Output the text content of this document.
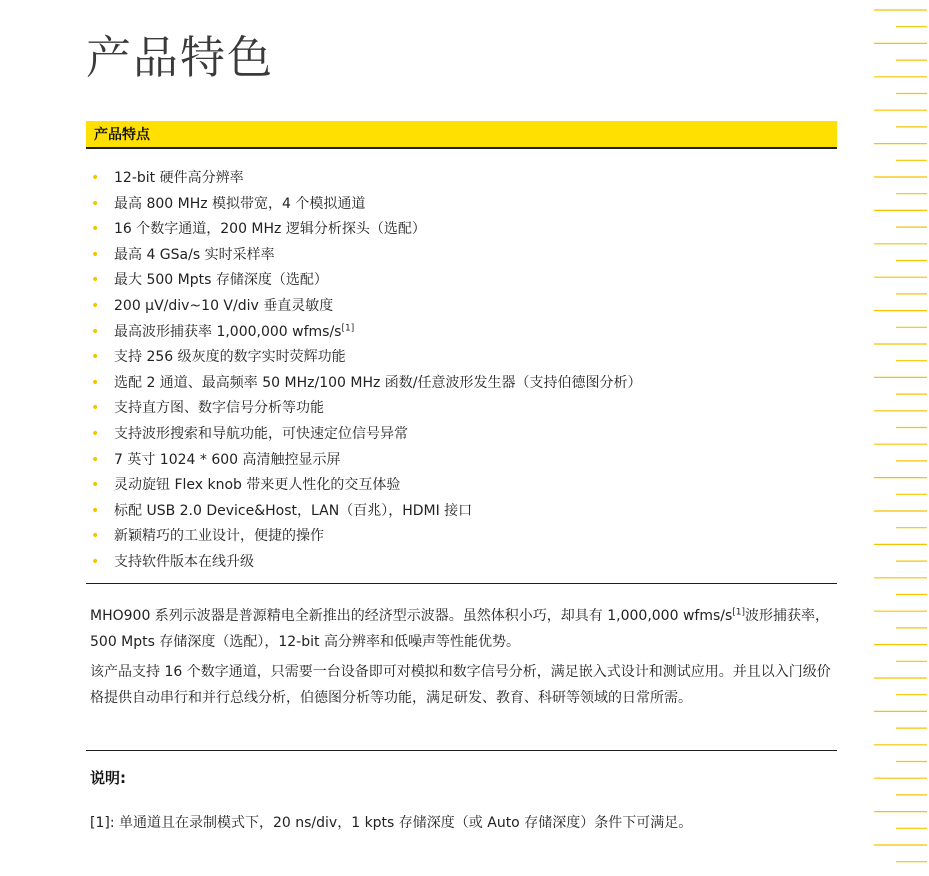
产品特色
产品特点
• 12-bit 硬件高分辨率
• 最高 800 MHz 模拟带宽，4 个模拟通道
• 16 个数字通道，200 MHz 逻辑分析探头（选配）
• 最高 4 GSa/s 实时采样率
• 最大 500 Mpts 存储深度（选配）
• 200 μV/div~10 V/div 垂直灵敏度
• 最高波形捕获率 1,000,000 wfms/s[1]
• 支持 256 级灰度的数字实时荧辉功能
• 选配 2 通道、最高频率 50 MHz/100 MHz 函数/任意波形发生器（支持伯德图分析）
• 支持直方图、数字信号分析等功能
• 支持波形搜索和导航功能，可快速定位信号异常
• 7 英寸 1024 * 600 高清触控显示屏
• 灵动旋钮 Flex knob 带来更人性化的交互体验
• 标配 USB 2.0 Device&Host，LAN（百兆），HDMI 接口
• 新颖精巧的工业设计，便捷的操作
• 支持软件版本在线升级

MHO900 系列示波器是普源精电全新推出的经济型示波器。虽然体积小巧，却具有 1,000,000 wfms/s[1]波形捕获率，500 Mpts 存储深度（选配），12-bit 高分辨率和低噪声等性能优势。

该产品支持 16 个数字通道，只需要一台设备即可对模拟和数字信号分析，满足嵌入式设计和测试应用。并且以入门级价格提供自动串行和并行总线分析，伯德图分析等功能，满足研发、教育、科研等领域的日常所需。

说明:

[1]: 单通道且在录制模式下，20 ns/div，1 kpts 存储深度（或 Auto 存储深度）条件下可满足。
